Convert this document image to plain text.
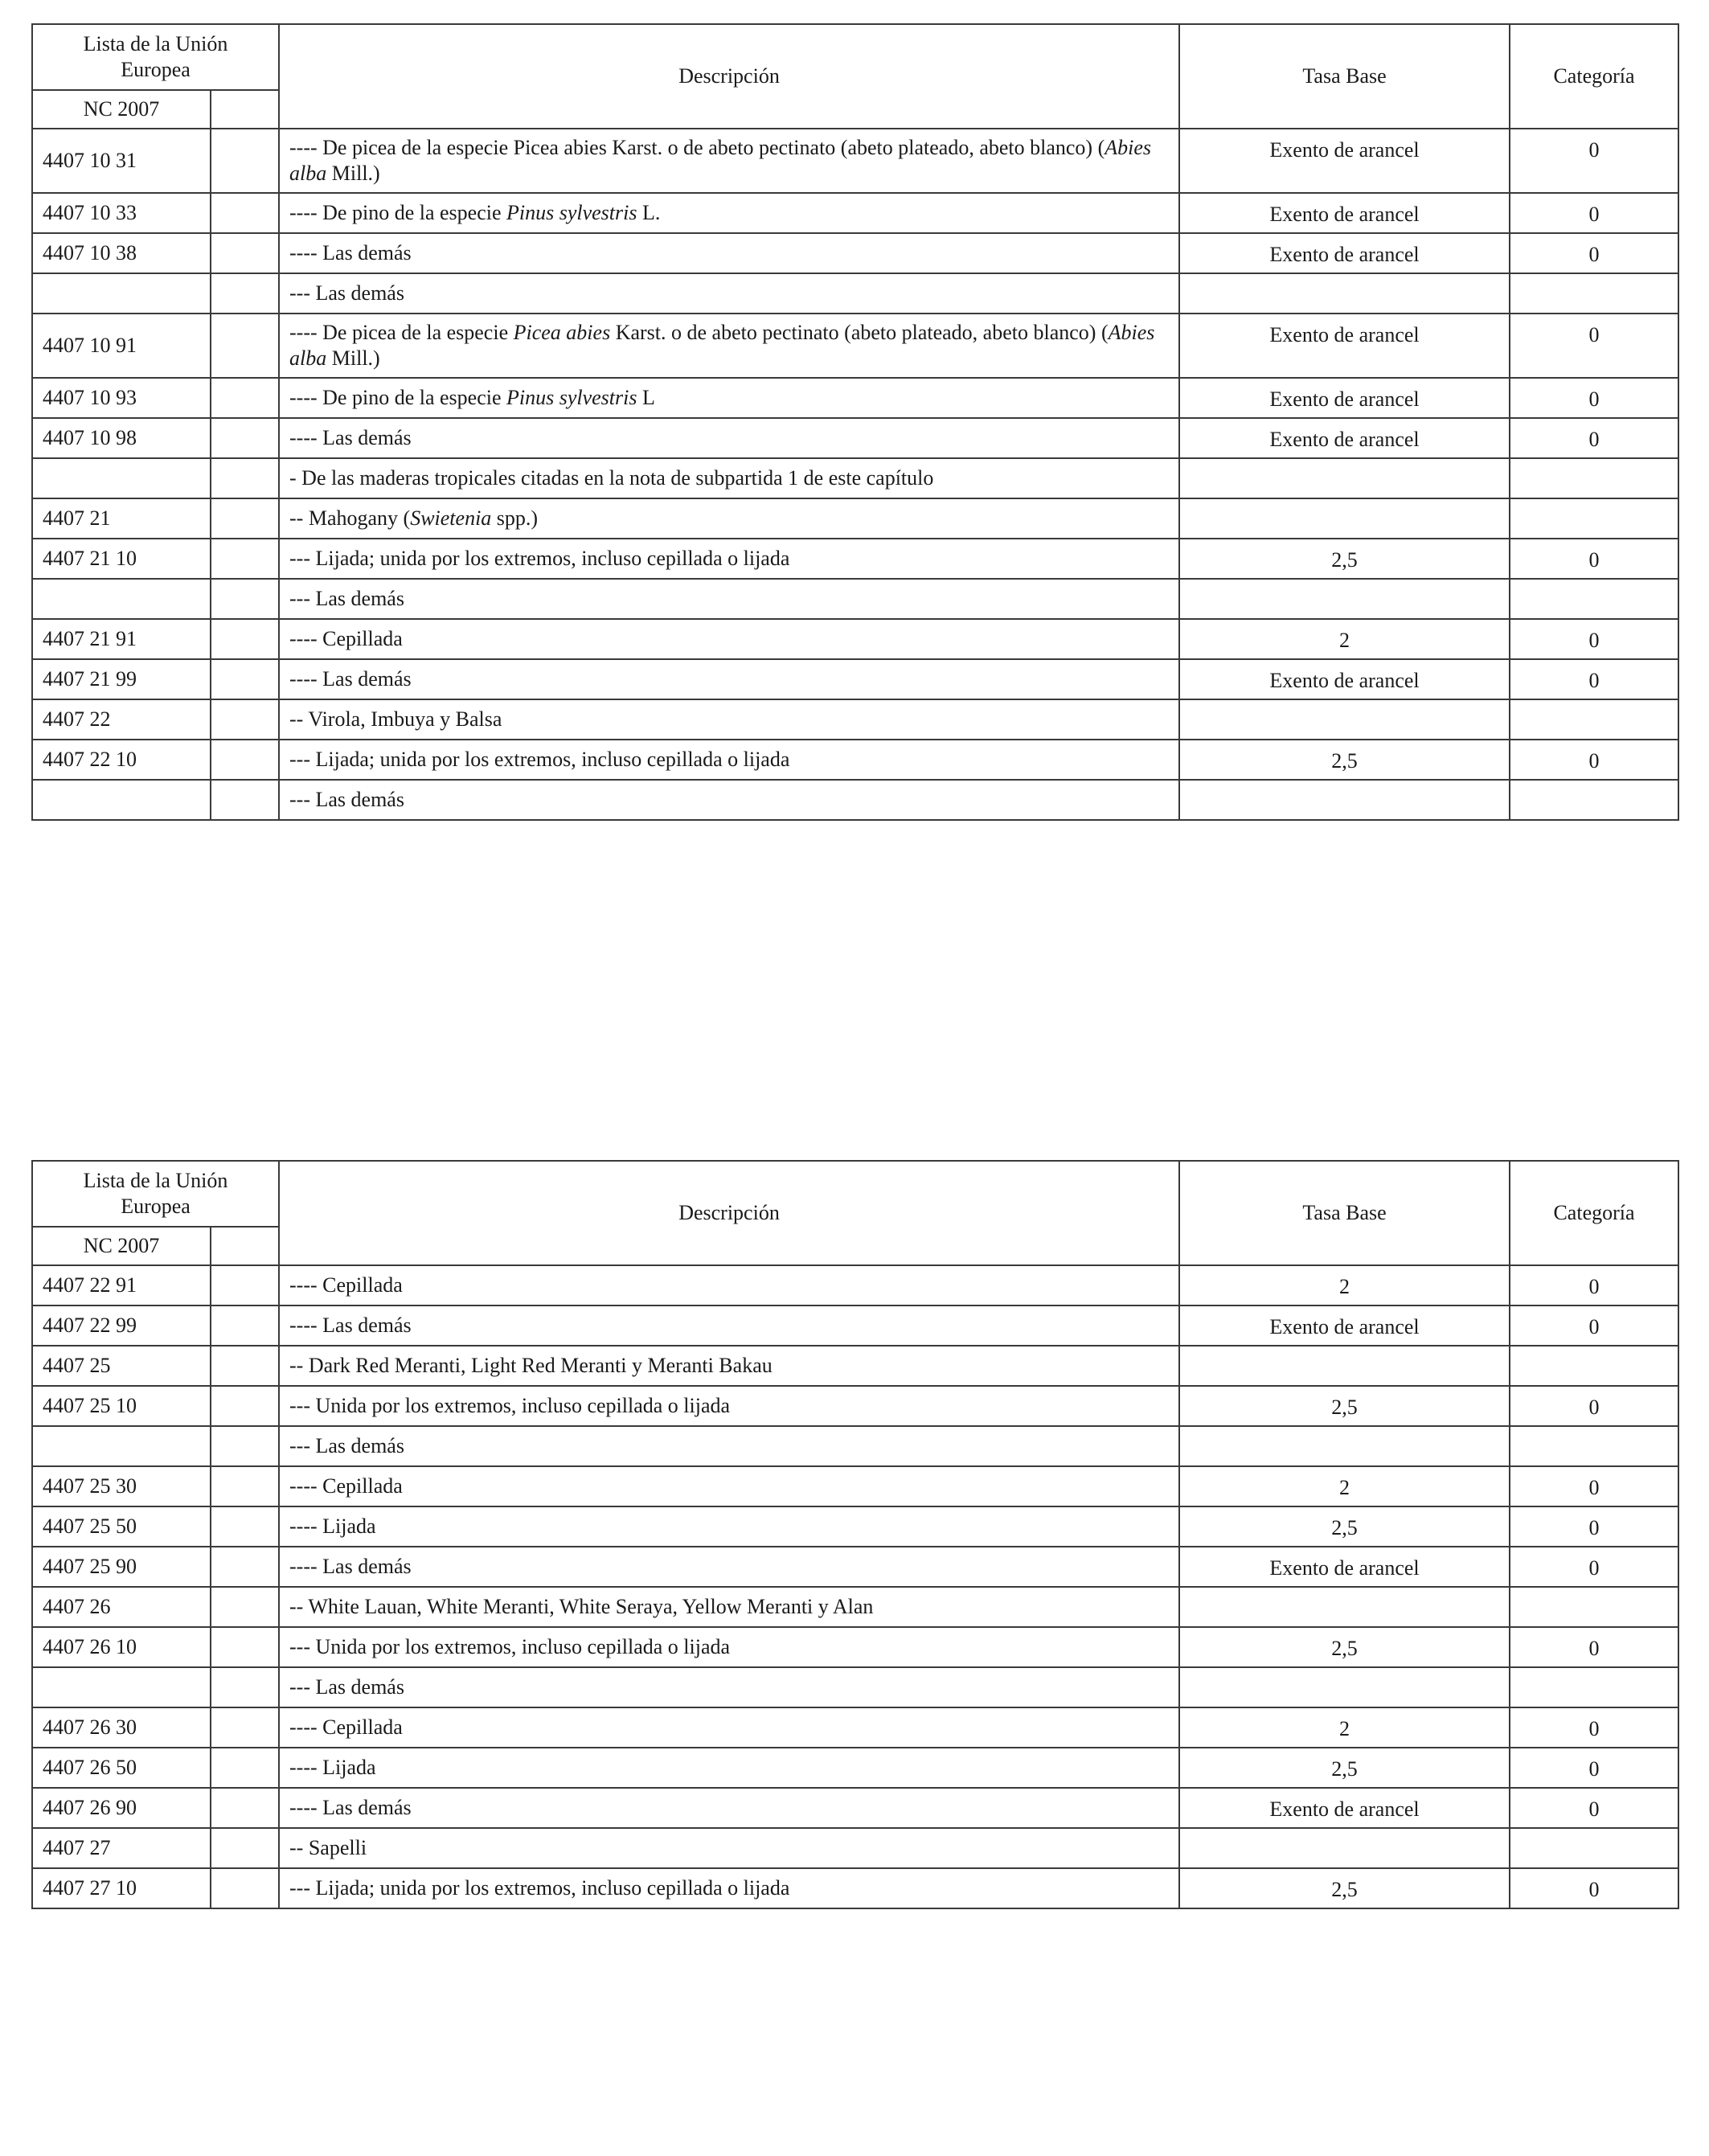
Lista de la Unión Europea		Descripción	Tasa Base	Categoría
NC 2007				
4407 10 31		---- De picea de la especie Picea abies Karst. o de abeto pectinato (abeto plateado, abeto blanco) (Abies alba Mill.)	Exento de arancel	0
4407 10 33		---- De pino de la especie Pinus sylvestris L.	Exento de arancel	0
4407 10 38		---- Las demás	Exento de arancel	0
		--- Las demás		
4407 10 91		---- De picea de la especie Picea abies Karst. o de abeto pectinato (abeto plateado, abeto blanco) (Abies alba Mill.)	Exento de arancel	0
4407 10 93		---- De pino de la especie Pinus sylvestris L	Exento de arancel	0
4407 10 98		---- Las demás	Exento de arancel	0
		- De las maderas tropicales citadas en la nota de subpartida 1 de este capítulo		
4407 21		-- Mahogany (Swietenia spp.)		
4407 21 10		--- Lijada; unida por los extremos, incluso cepillada o lijada	2,5	0
		--- Las demás		
4407 21 91		---- Cepillada	2	0
4407 21 99		---- Las demás	Exento de arancel	0
4407 22		-- Virola, Imbuya y Balsa		
4407 22 10		--- Lijada; unida por los extremos, incluso cepillada o lijada	2,5	0
		--- Las demás		
Lista de la Unión Europea		Descripción	Tasa Base	Categoría
NC 2007				
4407 22 91		---- Cepillada	2	0
4407 22 99		---- Las demás	Exento de arancel	0
4407 25		-- Dark Red Meranti, Light Red Meranti y Meranti Bakau		
4407 25 10		--- Unida por los extremos, incluso cepillada o lijada	2,5	0
		--- Las demás		
4407 25 30		---- Cepillada	2	0
4407 25 50		---- Lijada	2,5	0
4407 25 90		---- Las demás	Exento de arancel	0
4407 26		-- White Lauan, White Meranti, White Seraya, Yellow Meranti y Alan		
4407 26 10		--- Unida por los extremos, incluso cepillada o lijada	2,5	0
		--- Las demás		
4407 26 30		---- Cepillada	2	0
4407 26 50		---- Lijada	2,5	0
4407 26 90		---- Las demás	Exento de arancel	0
4407 27		-- Sapelli		
4407 27 10		--- Lijada; unida por los extremos, incluso cepillada o lijada	2,5	0
